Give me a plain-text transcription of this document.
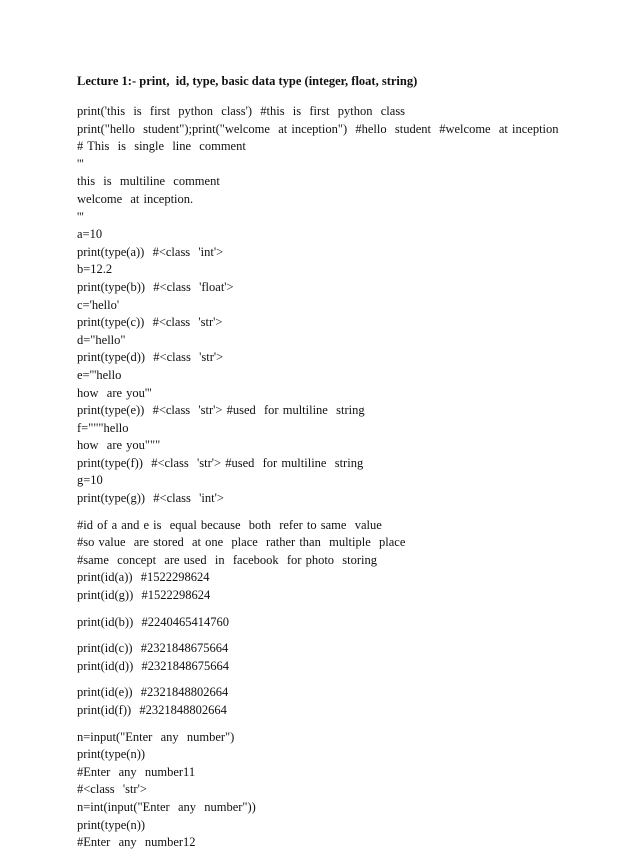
Lecture 1:- print,  id, type, basic data type (integer, float, string)
print('this  is  first  python  class')  #this  is  first  python  class
print("hello  student");print("welcome  at inception")  #hello  student  #welcome  at inception
# This  is  single  line  comment
'''
this  is  multiline  comment
welcome  at inception.
'''
a=10
print(type(a))  #<class  'int'>
b=12.2
print(type(b))  #<class  'float'>
c='hello'
print(type(c))  #<class  'str'>
d="hello"
print(type(d))  #<class  'str'>
e='''hello
how  are you'''
print(type(e))  #<class  'str'> #used  for multiline  string
f="""hello
how  are you"""
print(type(f))  #<class  'str'> #used  for multiline  string
g=10
print(type(g))  #<class  'int'>
#id of a and e is  equal because  both  refer to same  value
#so value  are stored  at one  place  rather than  multiple  place
#same  concept  are used  in  facebook  for photo  storing
print(id(a))  #1522298624
print(id(g))  #1522298624
print(id(b))  #2240465414760
print(id(c))  #2321848675664
print(id(d))  #2321848675664
print(id(e))  #2321848802664
print(id(f))  #2321848802664
n=input("Enter  any  number")
print(type(n))
#Enter  any  number11
#<class  'str'>
n=int(input("Enter  any  number"))
print(type(n))
#Enter  any  number12
